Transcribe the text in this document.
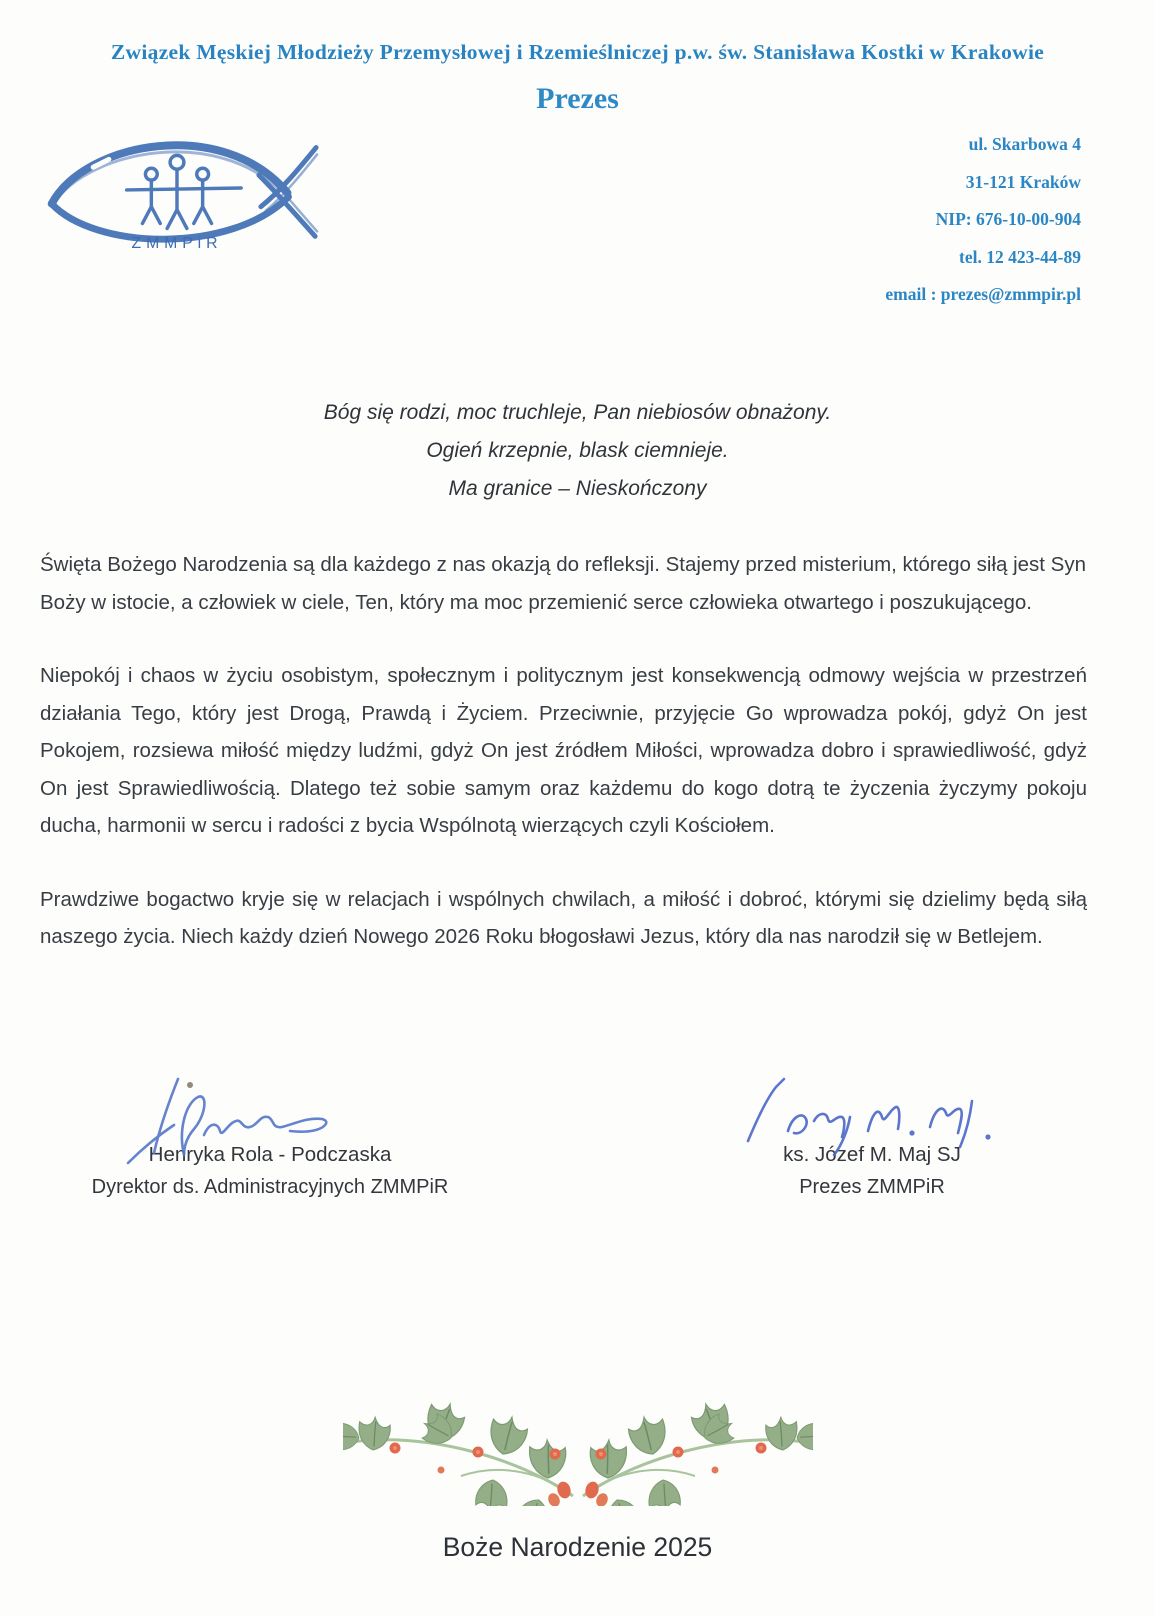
Związek Męskiej Młodzieży Przemysłowej i Rzemieślniczej p.w. św. Stanisława Kostki w Krakowie
Prezes
ZMMPiR
ul. Skarbowa 4
31-121 Kraków
NIP: 676-10-00-904
tel. 12 423-44-89
email : prezes@zmmpir.pl
Bóg się rodzi, moc truchleje, Pan niebiosów obnażony.
Ogień krzepnie, blask ciemnieje.
Ma granice – Nieskończony

Święta Bożego Narodzenia są dla każdego z nas okazją do refleksji. Stajemy przed misterium, którego siłą jest Syn Boży w istocie, a człowiek w ciele, Ten, który ma moc przemienić serce człowieka otwartego i poszukującego.

Niepokój i chaos w życiu osobistym, społecznym i politycznym jest konsekwencją odmowy wejścia w przestrzeń działania Tego, który jest Drogą, Prawdą i Życiem. Przeciwnie, przyjęcie Go wprowadza pokój, gdyż On jest Pokojem, rozsiewa miłość między ludźmi, gdyż On jest źródłem Miłości, wprowadza dobro i sprawiedliwość, gdyż On jest Sprawiedliwością. Dlatego też sobie samym oraz każdemu do kogo dotrą te życzenia życzymy pokoju ducha, harmonii w sercu i radości z bycia Wspólnotą wierzących czyli Kościołem.

Prawdziwe bogactwo kryje się w relacjach i wspólnych chwilach, a miłość i dobroć, którymi się dzielimy będą siłą naszego życia. Niech każdy dzień Nowego 2026 Roku błogosławi Jezus, który dla nas narodził się w Betlejem.

Henryka Rola - Podczaska
Dyrektor ds. Administracyjnych ZMMPiR
ks. Józef M. Maj SJ
Prezes ZMMPiR
Boże Narodzenie 2025
